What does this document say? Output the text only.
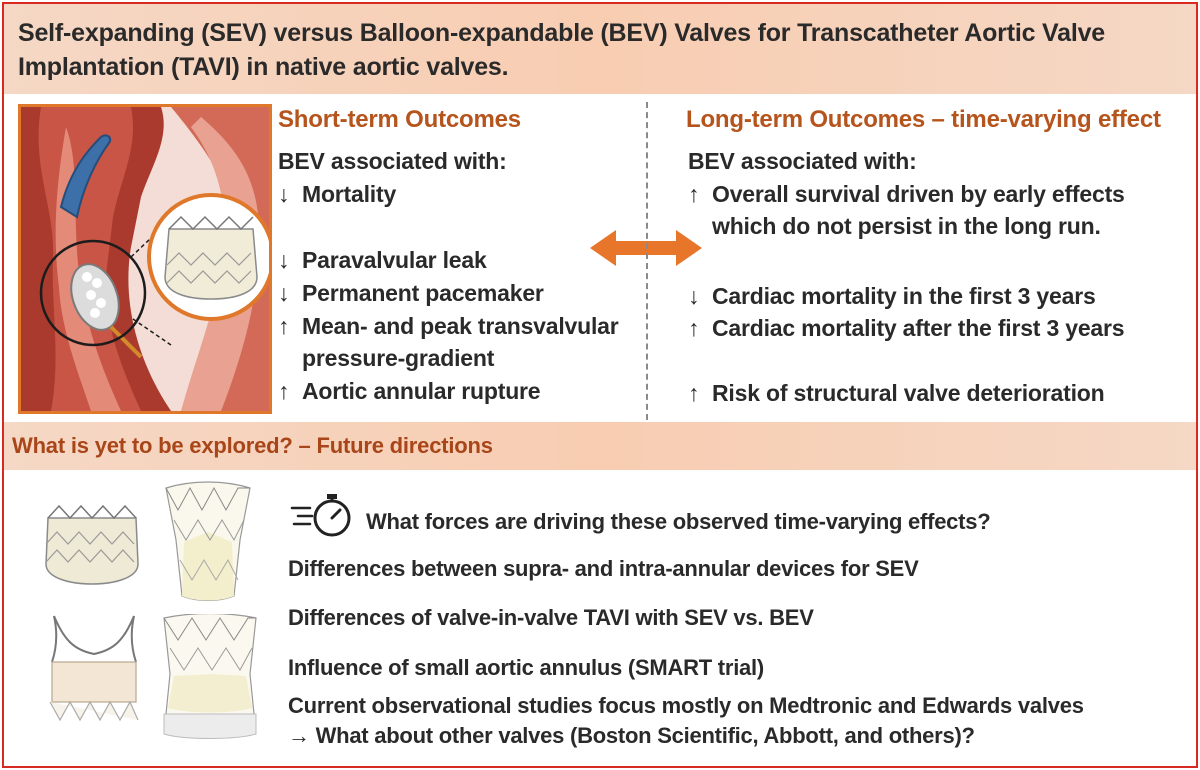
Self-expanding (SEV) versus Balloon-expandable (BEV) Valves for Transcatheter Aortic Valve Implantation (TAVI) in native aortic valves.
Short-term Outcomes
BEV associated with:
↓ Mortality
↓ Paravalvular leak
↓ Permanent pacemaker
↑ Mean- and peak transvalvular
pressure-gradient
↑ Aortic annular rupture
Long-term Outcomes – time-varying effect
BEV associated with:
↑ Overall survival driven by early effects
which do not persist in the long run.
↓ Cardiac mortality in the first 3 years
↑ Cardiac mortality after the first 3 years
↑ Risk of structural valve deterioration
What is yet to be explored? – Future directions
What forces are driving these observed time-varying effects?
Differences between supra- and intra-annular devices for SEV
Differences of valve-in-valve TAVI with SEV vs. BEV
Influence of small aortic annulus (SMART trial)
Current observational studies focus mostly on Medtronic and Edwards valves
→ What about other valves (Boston Scientific, Abbott, and others)?
